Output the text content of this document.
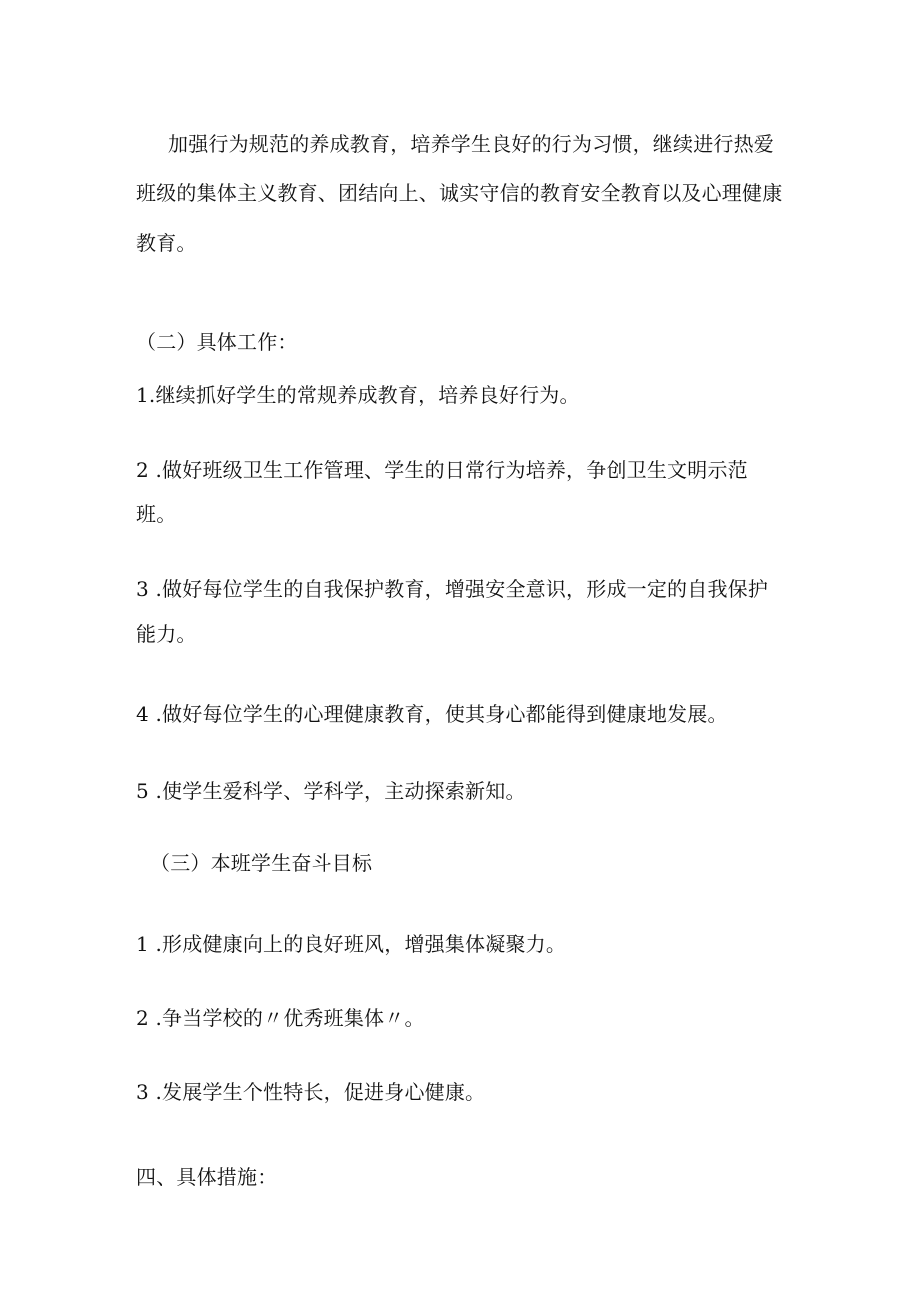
加强行为规范的养成教育，培养学生良好的行为习惯，继续进行热爱
班级的集体主义教育、团结向上、诚实守信的教育安全教育以及心理健康
教育。
（二）具体工作：
1.继续抓好学生的常规养成教育，培养良好行为。
2 .做好班级卫生工作管理、学生的日常行为培养，争创卫生文明示范
班。
3 .做好每位学生的自我保护教育，增强安全意识，形成一定的自我保护
能力。
4 .做好每位学生的心理健康教育，使其身心都能得到健康地发展。
5 .使学生爱科学、学科学，主动探索新知。
（三）本班学生奋斗目标
1 .形成健康向上的良好班风，增强集体凝聚力。
2 .争当学校的〃优秀班集体〃。
3 .发展学生个性特长，促进身心健康。
四、具体措施：
